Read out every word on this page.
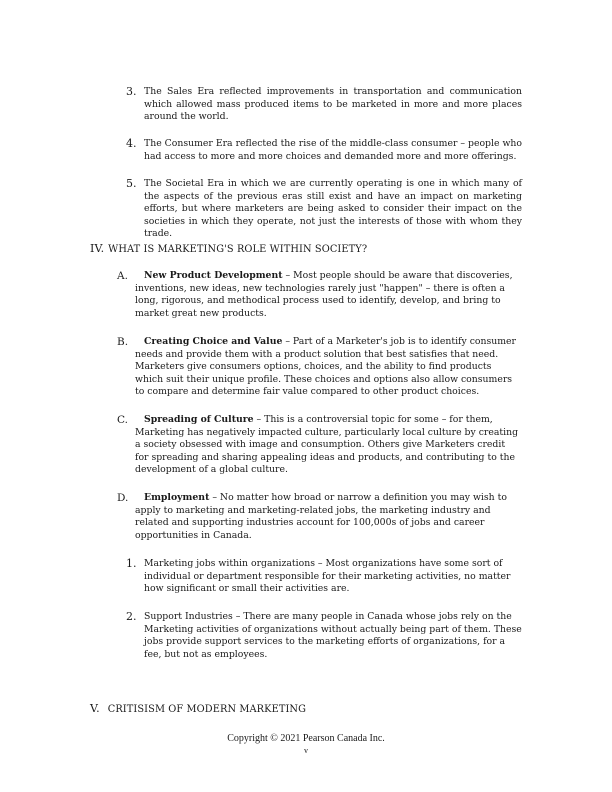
3. The Sales Era reflected improvements in transportation and communication which allowed mass produced items to be marketed in more and more places around the world.
4. The Consumer Era reflected the rise of the middle-class consumer – people who had access to more and more choices and demanded more and more offerings.
5. The Societal Era in which we are currently operating is one in which many of the aspects of the previous eras still exist and have an impact on marketing efforts, but where marketers are being asked to consider their impact on the societies in which they operate, not just the interests of those with whom they trade.
IV. WHAT IS MARKETING'S ROLE WITHIN SOCIETY?
A.	New Product Development – Most people should be aware that discoveries, inventions, new ideas, new technologies rarely just "happen" – there is often a long, rigorous, and methodical process used to identify, develop, and bring to market great new products.
B.	Creating Choice and Value – Part of a Marketer's job is to identify consumer needs and provide them with a product solution that best satisfies that need. Marketers give consumers options, choices, and the ability to find products which suit their unique profile. These choices and options also allow consumers to compare and determine fair value compared to other product choices.
C.	Spreading of Culture – This is a controversial topic for some – for them, Marketing has negatively impacted culture, particularly local culture by creating a society obsessed with image and consumption. Others give Marketers credit for spreading and sharing appealing ideas and products, and contributing to the development of a global culture.
D.	Employment – No matter how broad or narrow a definition you may wish to apply to marketing and marketing-related jobs, the marketing industry and related and supporting industries account for 100,000s of jobs and career opportunities in Canada.
1. Marketing jobs within organizations – Most organizations have some sort of individual or department responsible for their marketing activities, no matter how significant or small their activities are.
2. Support Industries – There are many people in Canada whose jobs rely on the Marketing activities of organizations without actually being part of them. These jobs provide support services to the marketing efforts of organizations, for a fee, but not as employees.
V. CRITISISM OF MODERN MARKETING
Copyright © 2021 Pearson Canada Inc.
v
